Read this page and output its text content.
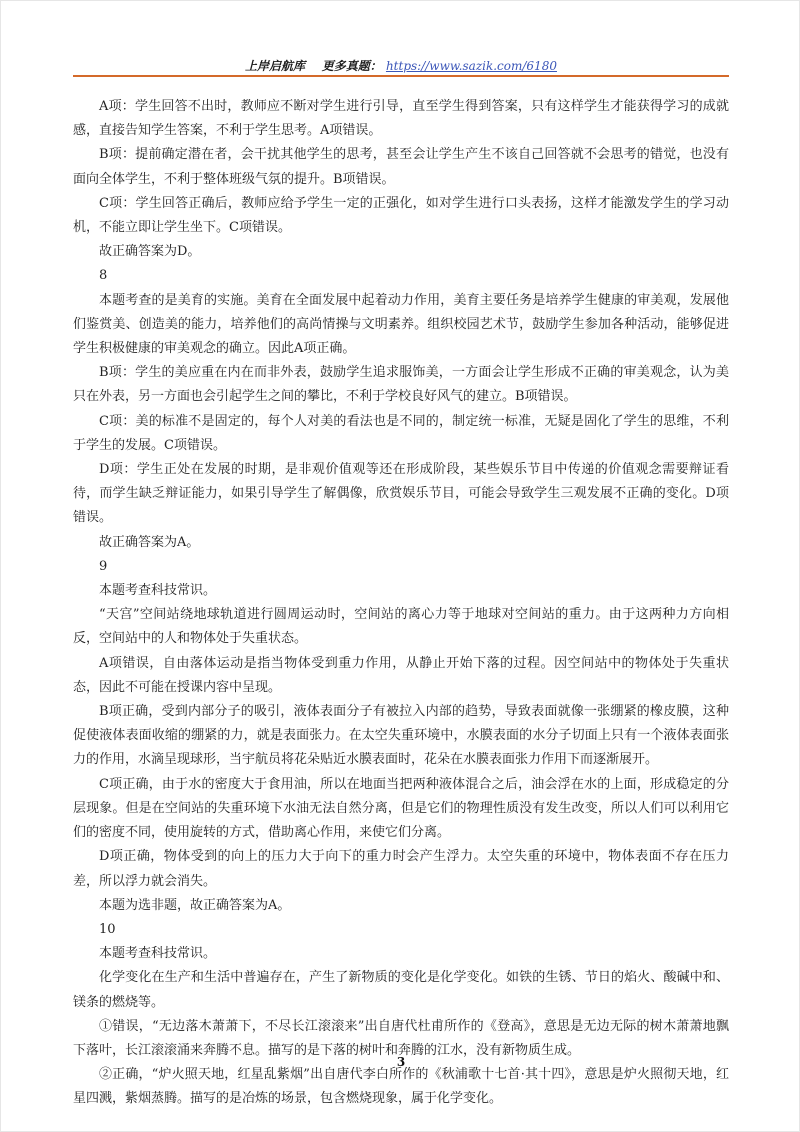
上岸启航库 更多真题： https://www.sazik.com/6180

A项：学生回答不出时，教师应不断对学生进行引导，直至学生得到答案，只有这样学生才能获得学习的成就感，直接告知学生答案，不利于学生思考。A项错误。

B项：提前确定潜在者，会干扰其他学生的思考，甚至会让学生产生不该自己回答就不会思考的错觉，也没有面向全体学生，不利于整体班级气氛的提升。B项错误。

C项：学生回答正确后，教师应给予学生一定的正强化，如对学生进行口头表扬，这样才能激发学生的学习动机，不能立即让学生坐下。C项错误。

故正确答案为D。

8

本题考查的是美育的实施。美育在全面发展中起着动力作用，美育主要任务是培养学生健康的审美观，发展他们鉴赏美、创造美的能力，培养他们的高尚情操与文明素养。组织校园艺术节，鼓励学生参加各种活动，能够促进学生积极健康的审美观念的确立。因此A项正确。

B项：学生的美应重在内在而非外表，鼓励学生追求服饰美，一方面会让学生形成不正确的审美观念，认为美只在外表，另一方面也会引起学生之间的攀比，不利于学校良好风气的建立。B项错误。

C项：美的标准不是固定的，每个人对美的看法也是不同的，制定统一标准，无疑是固化了学生的思维，不利于学生的发展。C项错误。

D项：学生正处在发展的时期，是非观价值观等还在形成阶段，某些娱乐节目中传递的价值观念需要辩证看待，而学生缺乏辩证能力，如果引导学生了解偶像，欣赏娱乐节目，可能会导致学生三观发展不正确的变化。D项错误。

故正确答案为A。

9

本题考查科技常识。

“天宫”空间站绕地球轨道进行圆周运动时，空间站的离心力等于地球对空间站的重力。由于这两种力方向相反，空间站中的人和物体处于失重状态。

A项错误，自由落体运动是指当物体受到重力作用，从静止开始下落的过程。因空间站中的物体处于失重状态，因此不可能在授课内容中呈现。

B项正确，受到内部分子的吸引，液体表面分子有被拉入内部的趋势，导致表面就像一张绷紧的橡皮膜，这种促使液体表面收缩的绷紧的力，就是表面张力。在太空失重环境中，水膜表面的水分子切面上只有一个液体表面张力的作用，水滴呈现球形，当宇航员将花朵贴近水膜表面时，花朵在水膜表面张力作用下而逐渐展开。

C项正确，由于水的密度大于食用油，所以在地面当把两种液体混合之后，油会浮在水的上面，形成稳定的分层现象。但是在空间站的失重环境下水油无法自然分离，但是它们的物理性质没有发生改变，所以人们可以利用它们的密度不同，使用旋转的方式，借助离心作用，来使它们分离。

D项正确，物体受到的向上的压力大于向下的重力时会产生浮力。太空失重的环境中，物体表面不存在压力差，所以浮力就会消失。

本题为选非题，故正确答案为A。

10

本题考查科技常识。

化学变化在生产和生活中普遍存在，产生了新物质的变化是化学变化。如铁的生锈、节日的焰火、酸碱中和、镁条的燃烧等。

①错误，“无边落木萧萧下，不尽长江滚滚来”出自唐代杜甫所作的《登高》，意思是无边无际的树木萧萧地飘下落叶，长江滚滚涌来奔腾不息。描写的是下落的树叶和奔腾的江水，没有新物质生成。

②正确，“炉火照天地，红星乱紫烟”出自唐代李白所作的《秋浦歌十七首·其十四》，意思是炉火照彻天地，红星四溅，紫烟蒸腾。描写的是冶炼的场景，包含燃烧现象，属于化学变化。

3
